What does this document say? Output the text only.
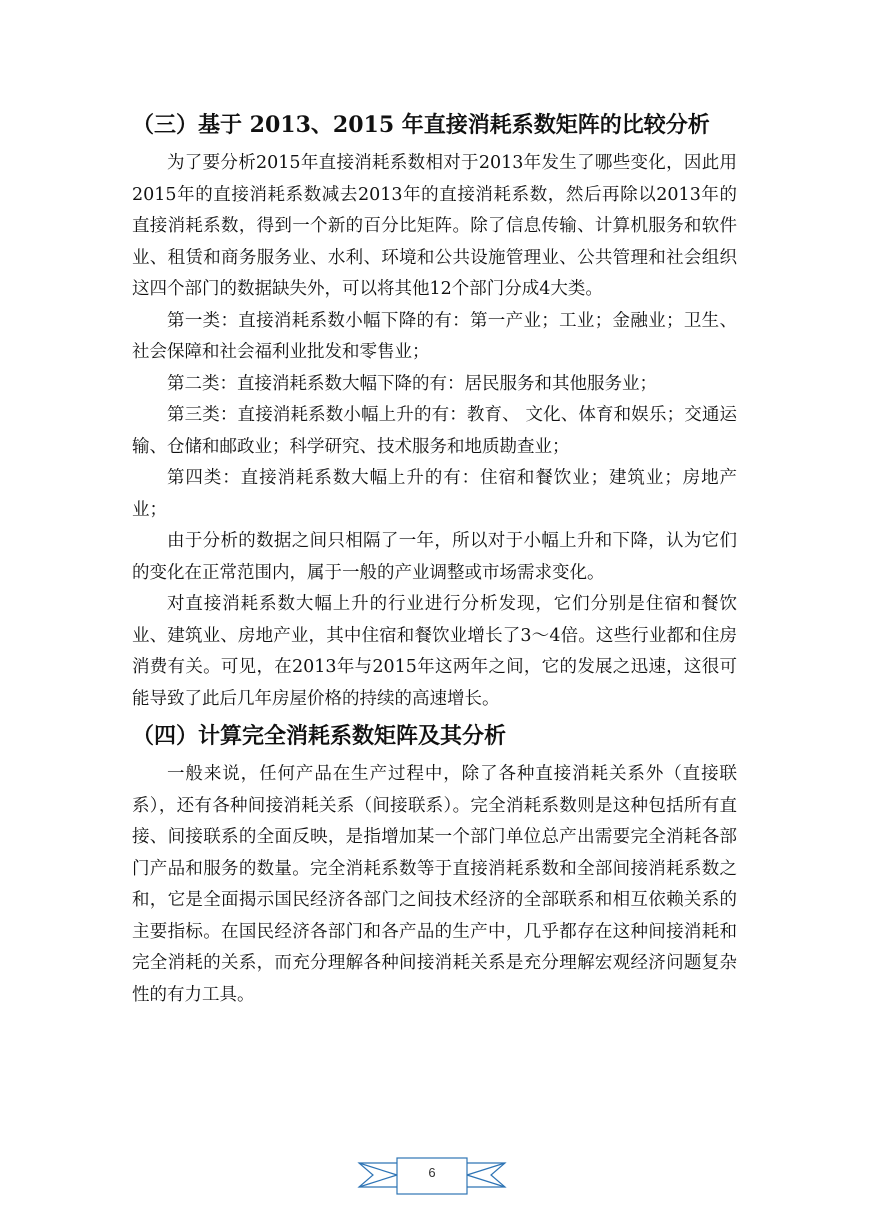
（三）基于 2013、2015 年直接消耗系数矩阵的比较分析

为了要分析2015年直接消耗系数相对于2013年发生了哪些变化，因此用2015年的直接消耗系数减去2013年的直接消耗系数，然后再除以2013年的直接消耗系数，得到一个新的百分比矩阵。除了信息传输、计算机服务和软件业、租赁和商务服务业、水利、环境和公共设施管理业、公共管理和社会组织这四个部门的数据缺失外，可以将其他12个部门分成4大类。

第一类：直接消耗系数小幅下降的有：第一产业；工业；金融业；卫生、社会保障和社会福利业批发和零售业；

第二类：直接消耗系数大幅下降的有：居民服务和其他服务业；

第三类：直接消耗系数小幅上升的有：教育、 文化、体育和娱乐；交通运输、仓储和邮政业；科学研究、技术服务和地质勘查业；

第四类：直接消耗系数大幅上升的有：住宿和餐饮业；建筑业；房地产业；

由于分析的数据之间只相隔了一年，所以对于小幅上升和下降，认为它们的变化在正常范围内，属于一般的产业调整或市场需求变化。

对直接消耗系数大幅上升的行业进行分析发现，它们分别是住宿和餐饮业、建筑业、房地产业，其中住宿和餐饮业增长了3～4倍。这些行业都和住房消费有关。可见，在2013年与2015年这两年之间，它的发展之迅速，这很可能导致了此后几年房屋价格的持续的高速增长。

（四）计算完全消耗系数矩阵及其分析

一般来说，任何产品在生产过程中，除了各种直接消耗关系外（直接联系），还有各种间接消耗关系（间接联系）。完全消耗系数则是这种包括所有直接、间接联系的全面反映，是指增加某一个部门单位总产出需要完全消耗各部门产品和服务的数量。完全消耗系数等于直接消耗系数和全部间接消耗系数之和，它是全面揭示国民经济各部门之间技术经济的全部联系和相互依赖关系的主要指标。在国民经济各部门和各产品的生产中，几乎都存在这种间接消耗和完全消耗的关系，而充分理解各种间接消耗关系是充分理解宏观经济问题复杂性的有力工具。

6
